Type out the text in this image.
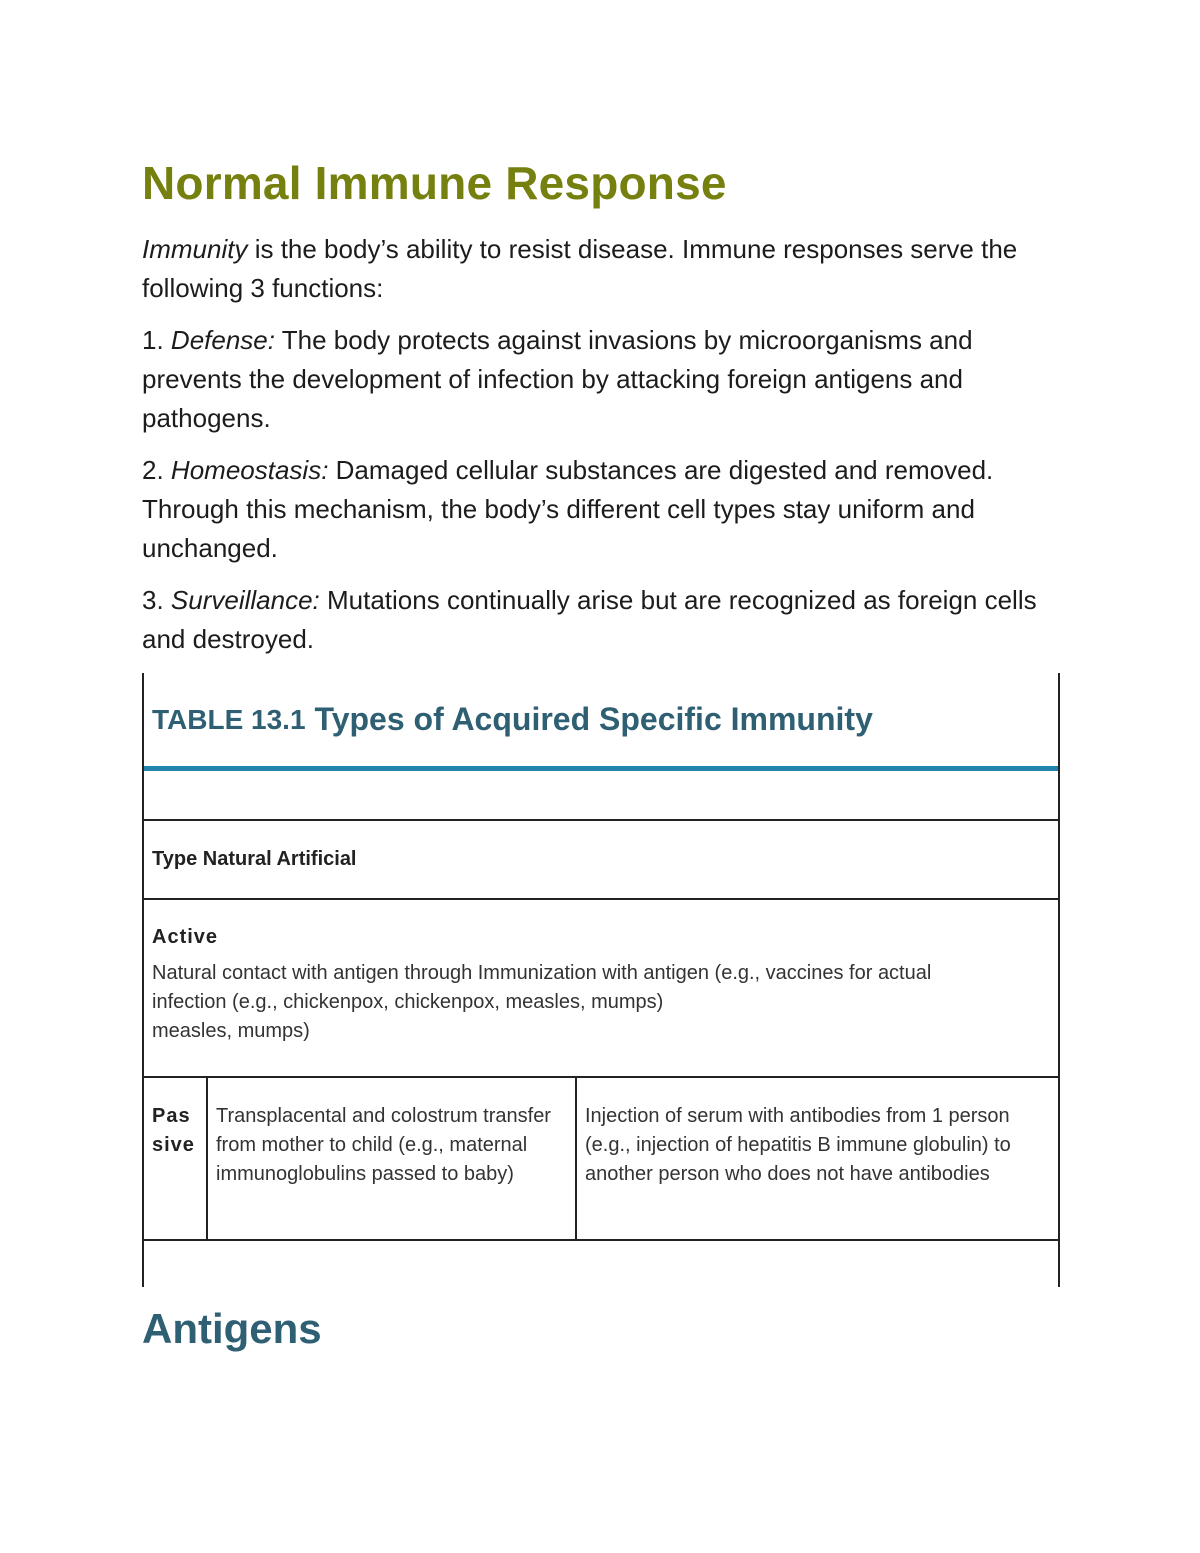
Normal Immune Response

Immunity is the body’s ability to resist disease. Immune responses serve the following 3 functions:

1. Defense: The body protects against invasions by microorganisms and prevents the development of infection by attacking foreign antigens and pathogens.

2. Homeostasis: Damaged cellular substances are digested and removed. Through this mechanism, the body’s different cell types stay uniform and unchanged.

3. Surveillance: Mutations continually arise but are recognized as foreign cells and destroyed.

TABLE 13.1 Types of Acquired Specific Immunity
Type Natural Artificial

Active

Natural contact with antigen through Immunization with antigen (e.g., vaccines for actual
infection (e.g., chickenpox, chickenpox, measles, mumps)
measles, mumps)

Pas
sive
Transplacental and colostrum transfer from mother to child (e.g., maternal immunoglobulins passed to baby)
Injection of serum with antibodies from 1 person (e.g., injection of hepatitis B immune globulin) to another person who does not have antibodies
Antigens
